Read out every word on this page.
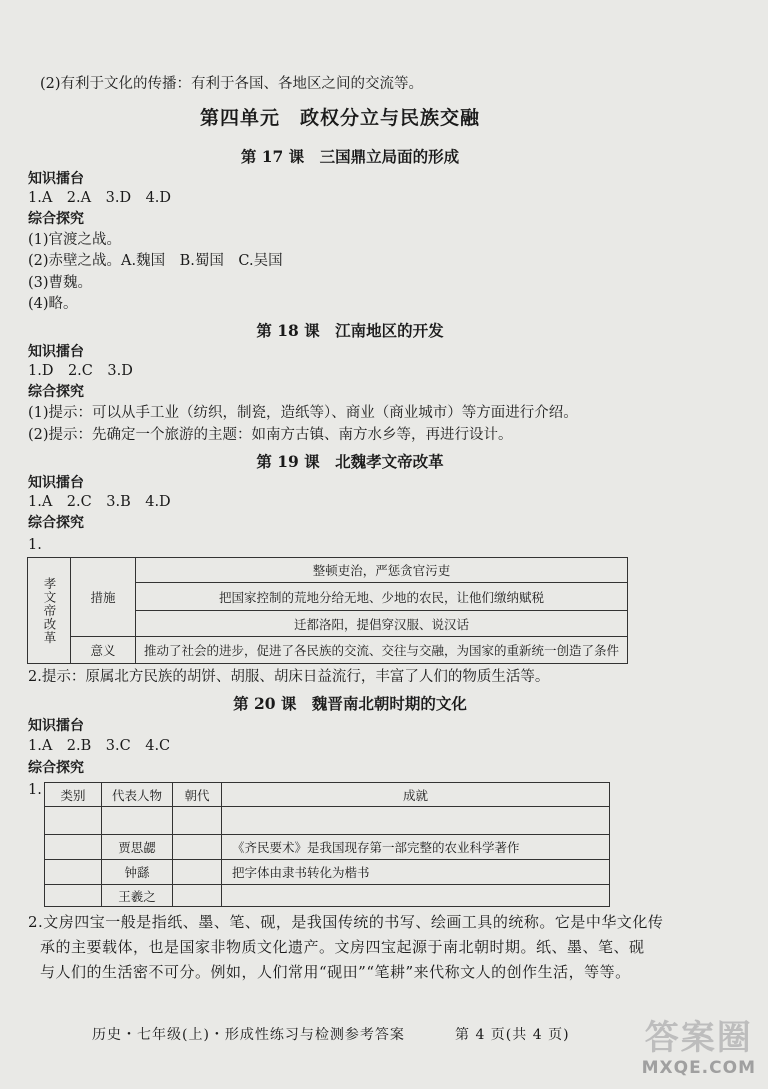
(2)有利于文化的传播：有利于各国、各地区之间的交流等。
第四单元　政权分立与民族交融
第 17 课　三国鼎立局面的形成
知识擂台
1.A　2.A　3.D　4.D
综合探究
(1)官渡之战。
(2)赤壁之战。A.魏国　B.蜀国　C.吴国
(3)曹魏。
(4)略。
第 18 课　江南地区的开发
知识擂台
1.D　2.C　3.D
综合探究
(1)提示：可以从手工业（纺织，制瓷，造纸等）、商业（商业城市）等方面进行介绍。
(2)提示：先确定一个旅游的主题：如南方古镇、南方水乡等，再进行设计。
第 19 课　北魏孝文帝改革
知识擂台
1.A　2.C　3.B　4.D
综合探究
1.
孝文帝改革	措施	整顿吏治，严惩贪官污吏
		把国家控制的荒地分给无地、少地的农民，让他们缴纳赋税
		迁都洛阳，提倡穿汉服、说汉话
	意义	推动了社会的进步，促进了各民族的交流、交往与交融，为国家的重新统一创造了条件
2.提示：原属北方民族的胡饼、胡服、胡床日益流行，丰富了人们的物质生活等。
第 20 课　魏晋南北朝时期的文化
知识擂台
1.A　2.B　3.C　4.C
综合探究
1. 类别	代表人物	朝代	成就

	贾思勰		《齐民要术》是我国现存第一部完整的农业科学著作
	钟繇		把字体由隶书转化为楷书
	王羲之		
2.文房四宝一般是指纸、墨、笔、砚，是我国传统的书写、绘画工具的统称。它是中华文化传
承的主要载体，也是国家非物质文化遗产。文房四宝起源于南北朝时期。纸、墨、笔、砚
与人们的生活密不可分。例如，人们常用“砚田”“笔耕”来代称文人的创作生活，等等。
历史・七年级(上)・形成性练习与检测参考答案	第 4 页(共 4 页) 答案圈
MXQE.COM
